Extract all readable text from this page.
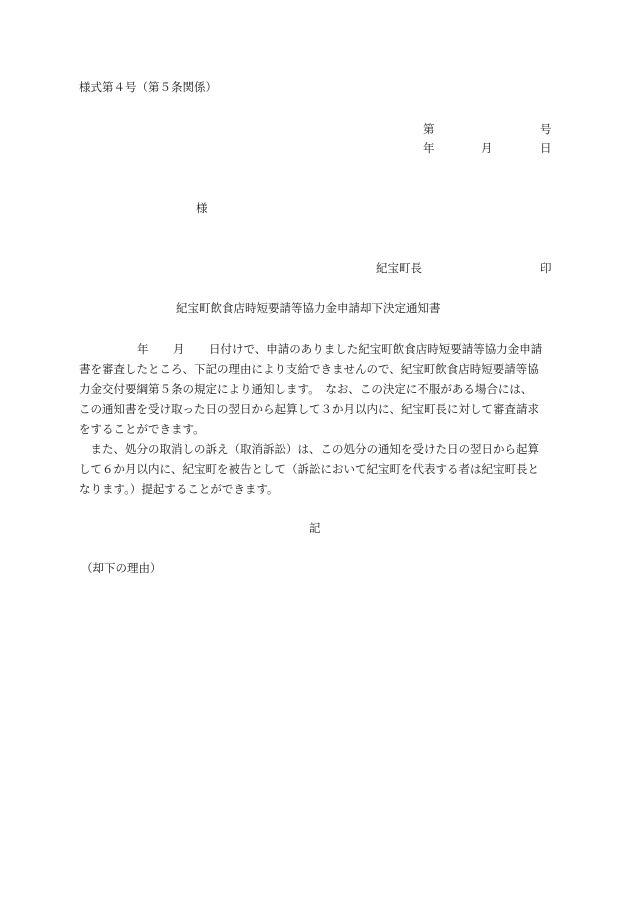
様式第４号（第５条関係）
第	号
年	月	日
様
紀宝町長	印
紀宝町飲食店時短要請等協力金申請却下決定通知書
年 月 日付けで、申請のありました紀宝町飲食店時短要請等協力金申請
書を審査したところ、下記の理由により支給できませんので、紀宝町飲食店時短要請等協
力金交付要綱第５条の規定により通知します。　なお、この決定に不服がある場合には、
この通知書を受け取った日の翌日から起算して３か月以内に、紀宝町長に対して審査請求
をすることができます。
　また、処分の取消しの訴え（取消訴訟）は、この処分の通知を受けた日の翌日から起算
して６か月以内に、紀宝町を被告として（訴訟において紀宝町を代表する者は紀宝町長と
なります。）提起することができます。
記
（却下の理由）
